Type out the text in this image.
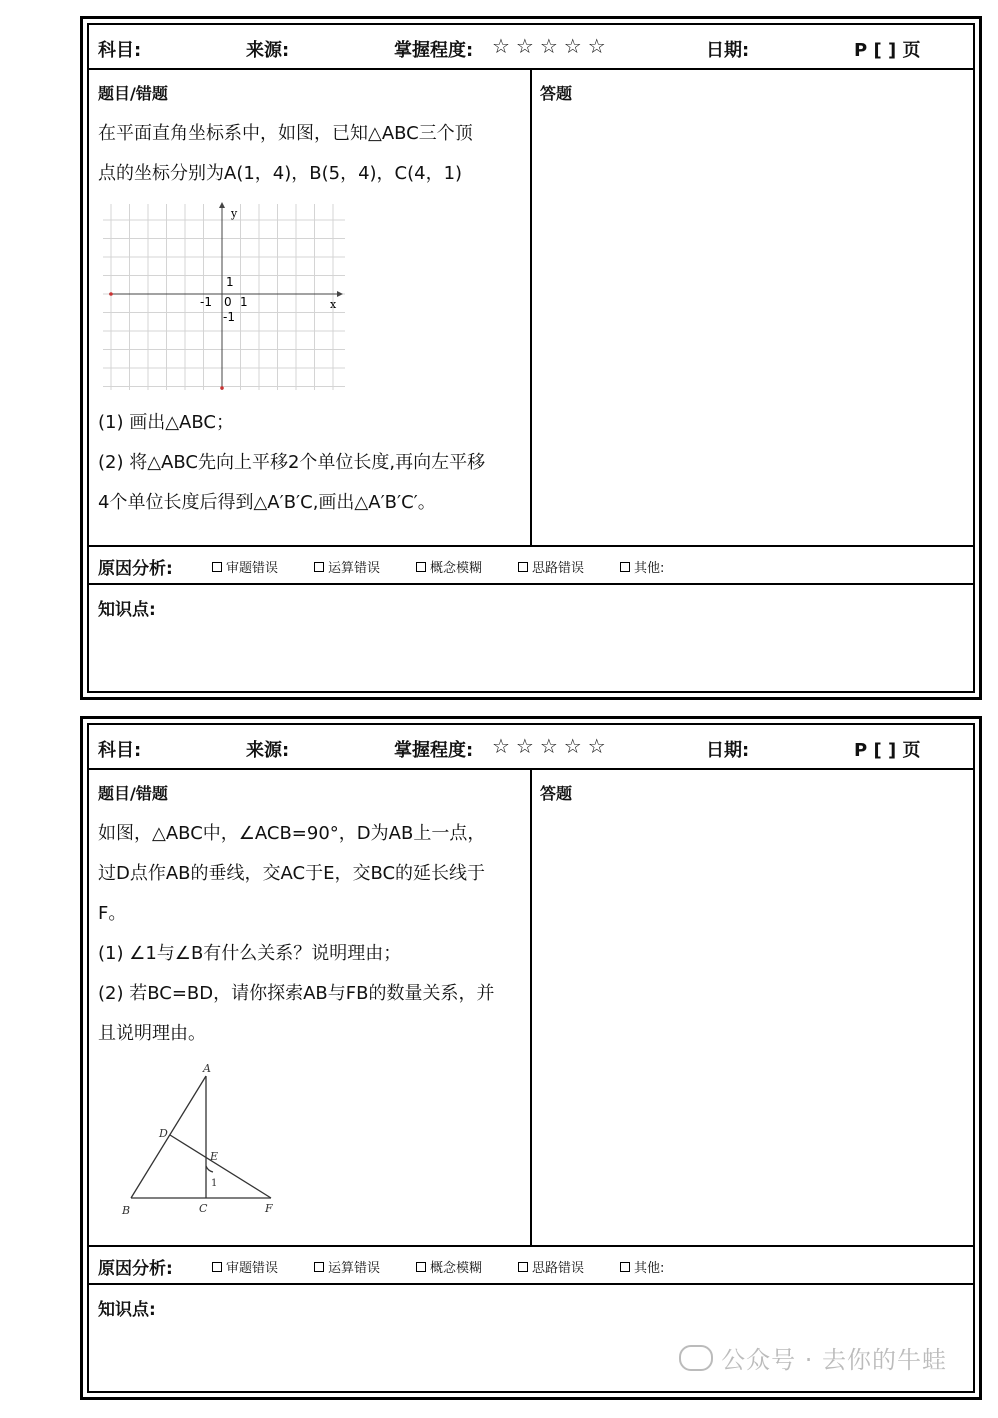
科目:	来源:	掌握程度: ☆☆☆☆☆	日期:	P [ ] 页
题目/错题

在平面直角坐标系中，如图，已知△ABC三个顶

点的坐标分别为A(1，4)，B(5，4)，C(4，1)

y
x
1
-1 0 1
-1

(1) 画出△ABC；

(2) 将△ABC先向上平移2个单位长度,再向左平移

4个单位长度后得到△A′B′C,画出△A′B′C′。

答题
原因分析:	审题错误	运算错误	概念模糊	思路错误	其他:
知识点:
科目:	来源:	掌握程度: ☆☆☆☆☆	日期:	P [ ] 页
题目/错题

如图，△ABC中，∠ACB=90°，D为AB上一点，

过D点作AB的垂线，交AC于E，交BC的延长线于

F。

(1) ∠1与∠B有什么关系？说明理由；

(2) 若BC=BD，请你探索AB与FB的数量关系，并

且说明理由。

A
D
E
B	C	F
1
答题
原因分析:	审题错误	运算错误	概念模糊	思路错误	其他:
知识点:
公众号 · 去你的牛蛙
